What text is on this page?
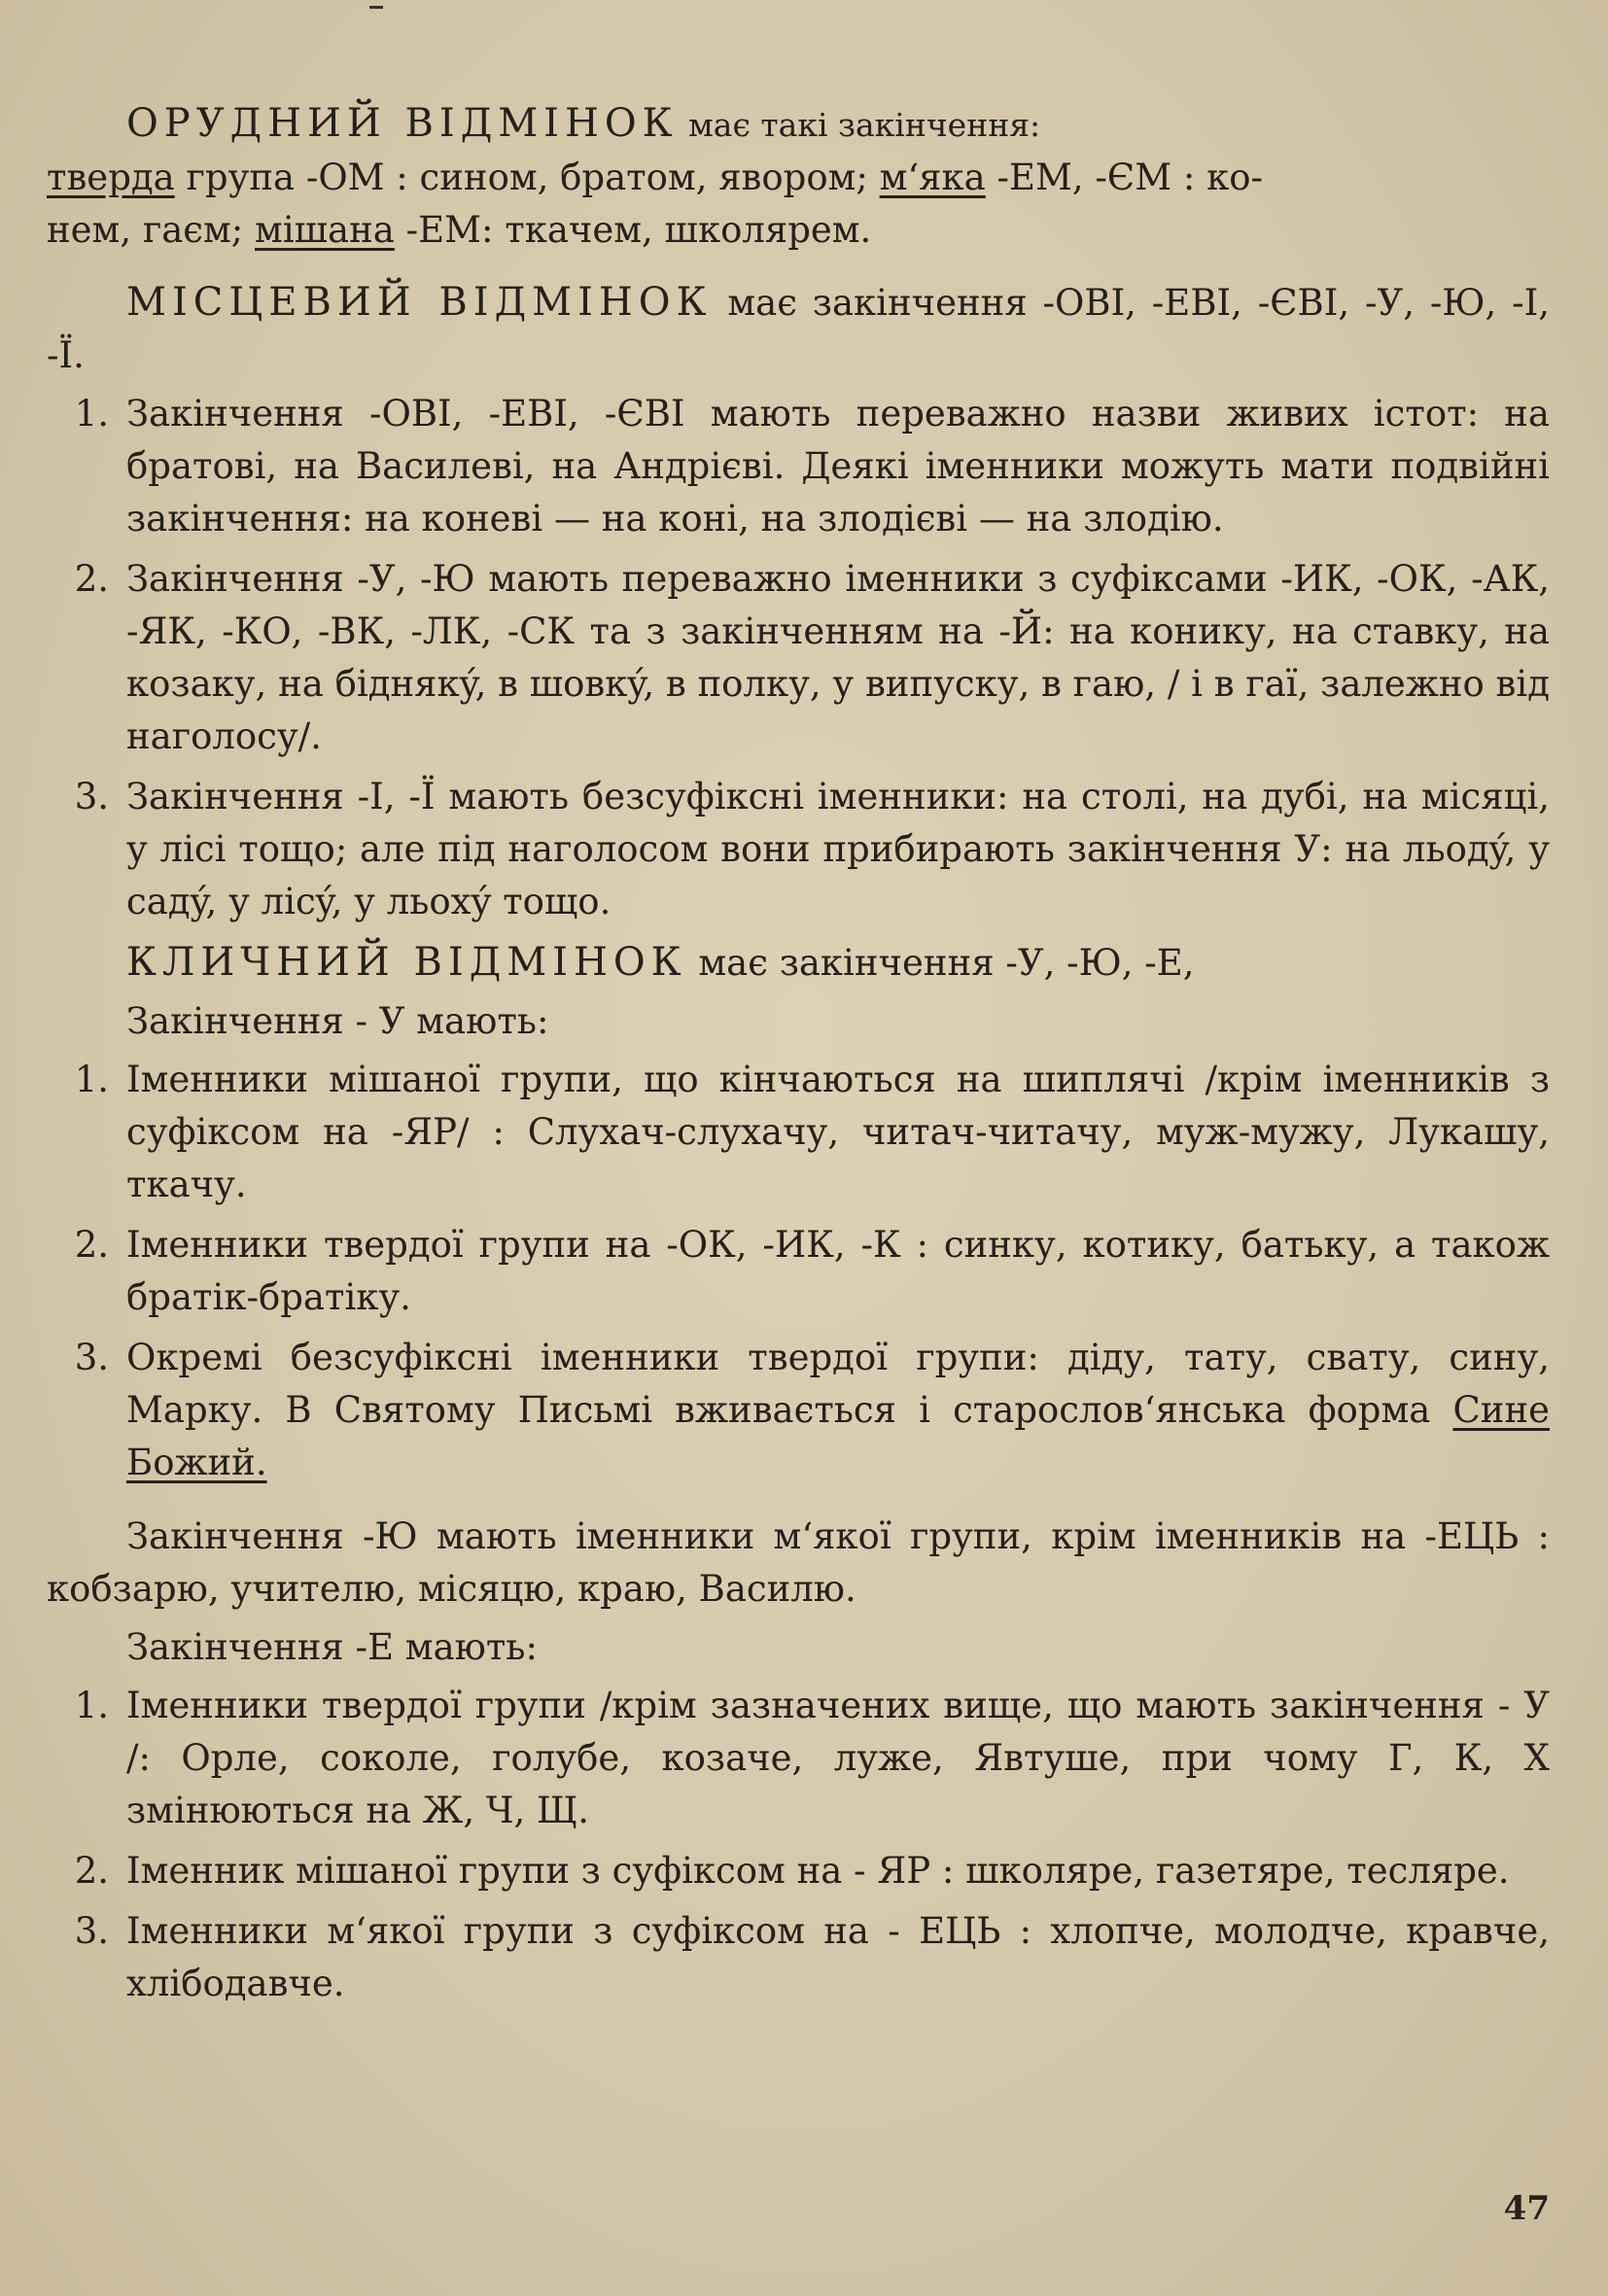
ОРУДНИЙ ВІДМІНОК має такі закінчення:

тверда група -ОМ : сином, братом, явором; м‘яка -ЕМ, -ЄМ : ко-
нем, гаєм; мішана -ЕМ: ткачем, школярем.

МІСЦЕВИЙ ВІДМІНОК має закінчення -ОВІ, -ЕВІ, -ЄВІ, -У, -Ю, -І, -Ї.

1. Закінчення -ОВІ, -ЕВІ, -ЄВІ мають переважно назви живих істот: на братові, на Василеві, на Андрієві. Деякі іменники можуть мати подвійні закінчення: на коневі — на коні, на злодієві — на злодію.
2. Закінчення -У, -Ю мають переважно іменники з суфіксами -ИК, -ОК, -АК, -ЯК, -КО, -ВК, -ЛК, -СК та з закінченням на -Й: на конику, на ставку, на козаку, на біднякý, в шовкý, в полку, у випуску, в гаю, / і в гаї, залежно від наголосу/.
3. Закінчення -І, -Ї мають безсуфіксні іменники: на столі, на дубі, на місяці, у лісі тощо; але під наголосом вони прибирають закінчення У: на льодý, у садý, у лісý, у льохý тощо.

КЛИЧНИЙ ВІДМІНОК має закінчення -У, -Ю, -Е,

Закінчення - У мають:

1. Іменники мішаної групи, що кінчаються на шиплячі /крім іменників з суфіксом на -ЯР/ : Слухач-слухачу, читач-читачу, муж-мужу, Лукашу, ткачу.
2. Іменники твердої групи на -ОК, -ИК, -К : синку, котику, батьку, а також братік-братіку.
3. Окремі безсуфіксні іменники твердої групи: діду, тату, свату, сину, Марку. В Святому Письмі вживається і старослов‘янська форма Сине Божий.

Закінчення -Ю мають іменники м‘якої групи, крім іменників на -ЕЦЬ : кобзарю, учителю, місяцю, краю, Василю.

Закінчення -Е мають:

1. Іменники твердої групи /крім зазначених вище, що мають закінчення - У /: Орле, соколе, голубе, козаче, луже, Явтуше, при чому Г, К, Х змінюються на Ж, Ч, Щ.
2. Іменник мішаної групи з суфіксом на - ЯР : школяре, газетяре, тесляре.
3. Іменники м‘якої групи з суфіксом на - ЕЦЬ : хлопче, молодче, кравче, хлібодавче.
47
